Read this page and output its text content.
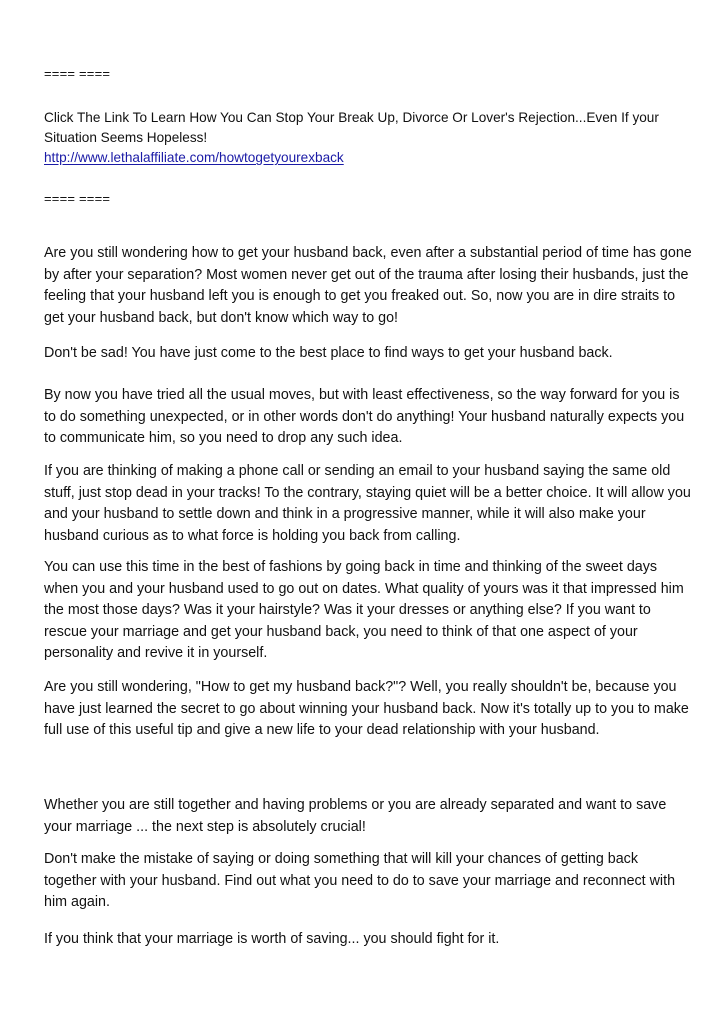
==== ====
Click The Link To Learn How You Can Stop Your Break Up, Divorce Or Lover's Rejection...Even If your Situation Seems Hopeless!
http://www.lethalaffiliate.com/howtogetyourexback
==== ====

Are you still wondering how to get your husband back, even after a substantial period of time has gone by after your separation? Most women never get out of the trauma after losing their husbands, just the feeling that your husband left you is enough to get you freaked out. So, now you are in dire straits to get your husband back, but don't know which way to go!

Don't be sad! You have just come to the best place to find ways to get your husband back.

By now you have tried all the usual moves, but with least effectiveness, so the way forward for you is to do something unexpected, or in other words don't do anything! Your husband naturally expects you to communicate him, so you need to drop any such idea.

If you are thinking of making a phone call or sending an email to your husband saying the same old stuff, just stop dead in your tracks! To the contrary, staying quiet will be a better choice. It will allow you and your husband to settle down and think in a progressive manner, while it will also make your husband curious as to what force is holding you back from calling.

You can use this time in the best of fashions by going back in time and thinking of the sweet days when you and your husband used to go out on dates. What quality of yours was it that impressed him the most those days? Was it your hairstyle? Was it your dresses or anything else? If you want to rescue your marriage and get your husband back, you need to think of that one aspect of your personality and revive it in yourself.

Are you still wondering, "How to get my husband back?"? Well, you really shouldn't be, because you have just learned the secret to go about winning your husband back. Now it's totally up to you to make full use of this useful tip and give a new life to your dead relationship with your husband.

Whether you are still together and having problems or you are already separated and want to save your marriage ... the next step is absolutely crucial!

Don't make the mistake of saying or doing something that will kill your chances of getting back together with your husband. Find out what you need to do to save your marriage and reconnect with him again.

If you think that your marriage is worth of saving... you should fight for it.
